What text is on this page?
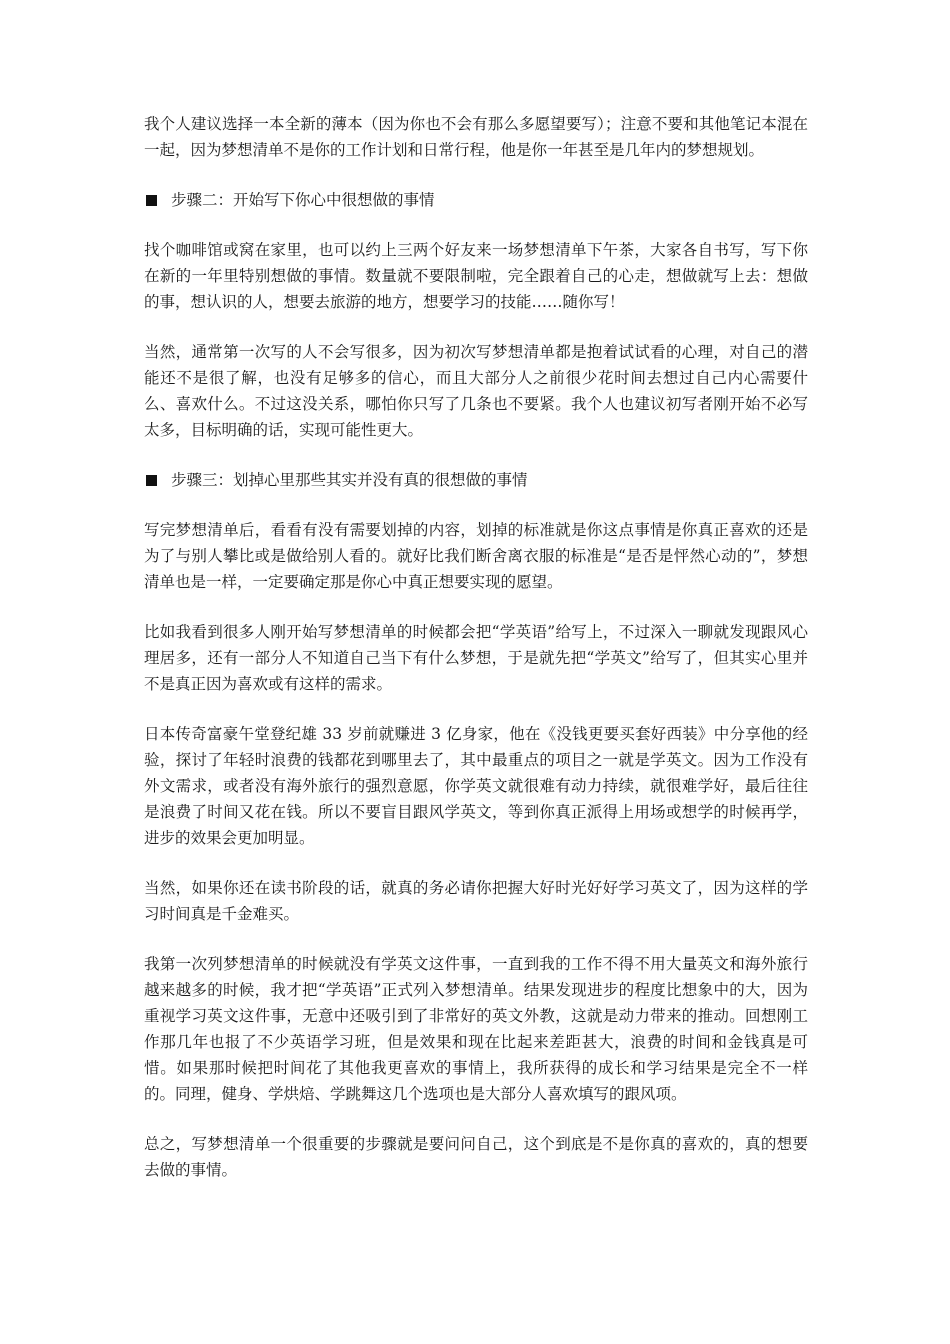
我个人建议选择一本全新的薄本（因为你也不会有那么多愿望要写）；注意不要和其他笔记本混在一起，因为梦想清单不是你的工作计划和日常行程，他是你一年甚至是几年内的梦想规划。

步骤二：开始写下你心中很想做的事情

找个咖啡馆或窝在家里，也可以约上三两个好友来一场梦想清单下午茶，大家各自书写，写下你在新的一年里特别想做的事情。数量就不要限制啦，完全跟着自己的心走，想做就写上去：想做的事，想认识的人，想要去旅游的地方，想要学习的技能……随你写！

当然，通常第一次写的人不会写很多，因为初次写梦想清单都是抱着试试看的心理，对自己的潜能还不是很了解，也没有足够多的信心，而且大部分人之前很少花时间去想过自己内心需要什么、喜欢什么。不过这没关系，哪怕你只写了几条也不要紧。我个人也建议初写者刚开始不必写太多，目标明确的话，实现可能性更大。

步骤三：划掉心里那些其实并没有真的很想做的事情

写完梦想清单后，看看有没有需要划掉的内容，划掉的标准就是你这点事情是你真正喜欢的还是为了与别人攀比或是做给别人看的。就好比我们断舍离衣服的标准是“是否是怦然心动的”，梦想清单也是一样，一定要确定那是你心中真正想要实现的愿望。

比如我看到很多人刚开始写梦想清单的时候都会把“学英语”给写上，不过深入一聊就发现跟风心理居多，还有一部分人不知道自己当下有什么梦想，于是就先把“学英文”给写了，但其实心里并不是真正因为喜欢或有这样的需求。

日本传奇富豪午堂登纪雄 33 岁前就赚进 3 亿身家，他在《没钱更要买套好西装》中分享他的经验，探讨了年轻时浪费的钱都花到哪里去了，其中最重点的项目之一就是学英文。因为工作没有外文需求，或者没有海外旅行的强烈意愿，你学英文就很难有动力持续，就很难学好，最后往往是浪费了时间又花在钱。所以不要盲目跟风学英文，等到你真正派得上用场或想学的时候再学，进步的效果会更加明显。

当然，如果你还在读书阶段的话，就真的务必请你把握大好时光好好学习英文了，因为这样的学习时间真是千金难买。

我第一次列梦想清单的时候就没有学英文这件事，一直到我的工作不得不用大量英文和海外旅行越来越多的时候，我才把“学英语”正式列入梦想清单。结果发现进步的程度比想象中的大，因为重视学习英文这件事，无意中还吸引到了非常好的英文外教，这就是动力带来的推动。回想刚工作那几年也报了不少英语学习班，但是效果和现在比起来差距甚大，浪费的时间和金钱真是可惜。如果那时候把时间花了其他我更喜欢的事情上，我所获得的成长和学习结果是完全不一样的。同理，健身、学烘焙、学跳舞这几个选项也是大部分人喜欢填写的跟风项。

总之，写梦想清单一个很重要的步骤就是要问问自己，这个到底是不是你真的喜欢的，真的想要去做的事情。
